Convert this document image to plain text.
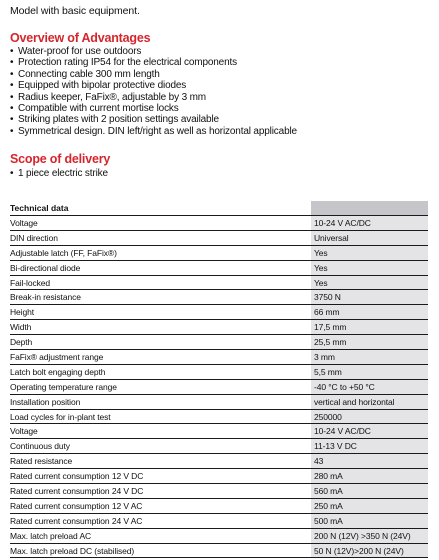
Model with basic equipment.
Overview of Advantages
• Water-proof for use outdoors
• Protection rating IP54 for the electrical components
• Connecting cable 300 mm length
• Equipped with bipolar protective diodes
• Radius keeper, FaFix®, adjustable by 3 mm
• Compatible with current mortise locks
• Striking plates with 2 position settings available
• Symmetrical design. DIN left/right as well as horizontal applicable
Scope of delivery
• 1 piece electric strike
Technical data
Voltage	10-24 V AC/DC
DIN direction	Universal
Adjustable latch (FF, FaFix®)	Yes
Bi-directional diode	Yes
Fail-locked	Yes
Break-in resistance	3750 N
Height	66 mm
Width	17,5 mm
Depth	25,5 mm
FaFix® adjustment range	3 mm
Latch bolt engaging depth	5,5 mm
Operating temperature range	-40 °C to +50 °C
Installation position	vertical and horizontal
Load cycles for in-plant test	250000
Voltage	10-24 V AC/DC
Continuous duty	11-13 V DC
Rated resistance	43
Rated current consumption 12 V DC	280 mA
Rated current consumption 24 V DC	560 mA
Rated current consumption 12 V AC	250 mA
Rated current consumption 24 V AC	500 mA
Max. latch preload AC	200 N (12V) >350 N (24V)
Max. latch preload DC (stabilised)	50 N (12V)>200 N (24V)
